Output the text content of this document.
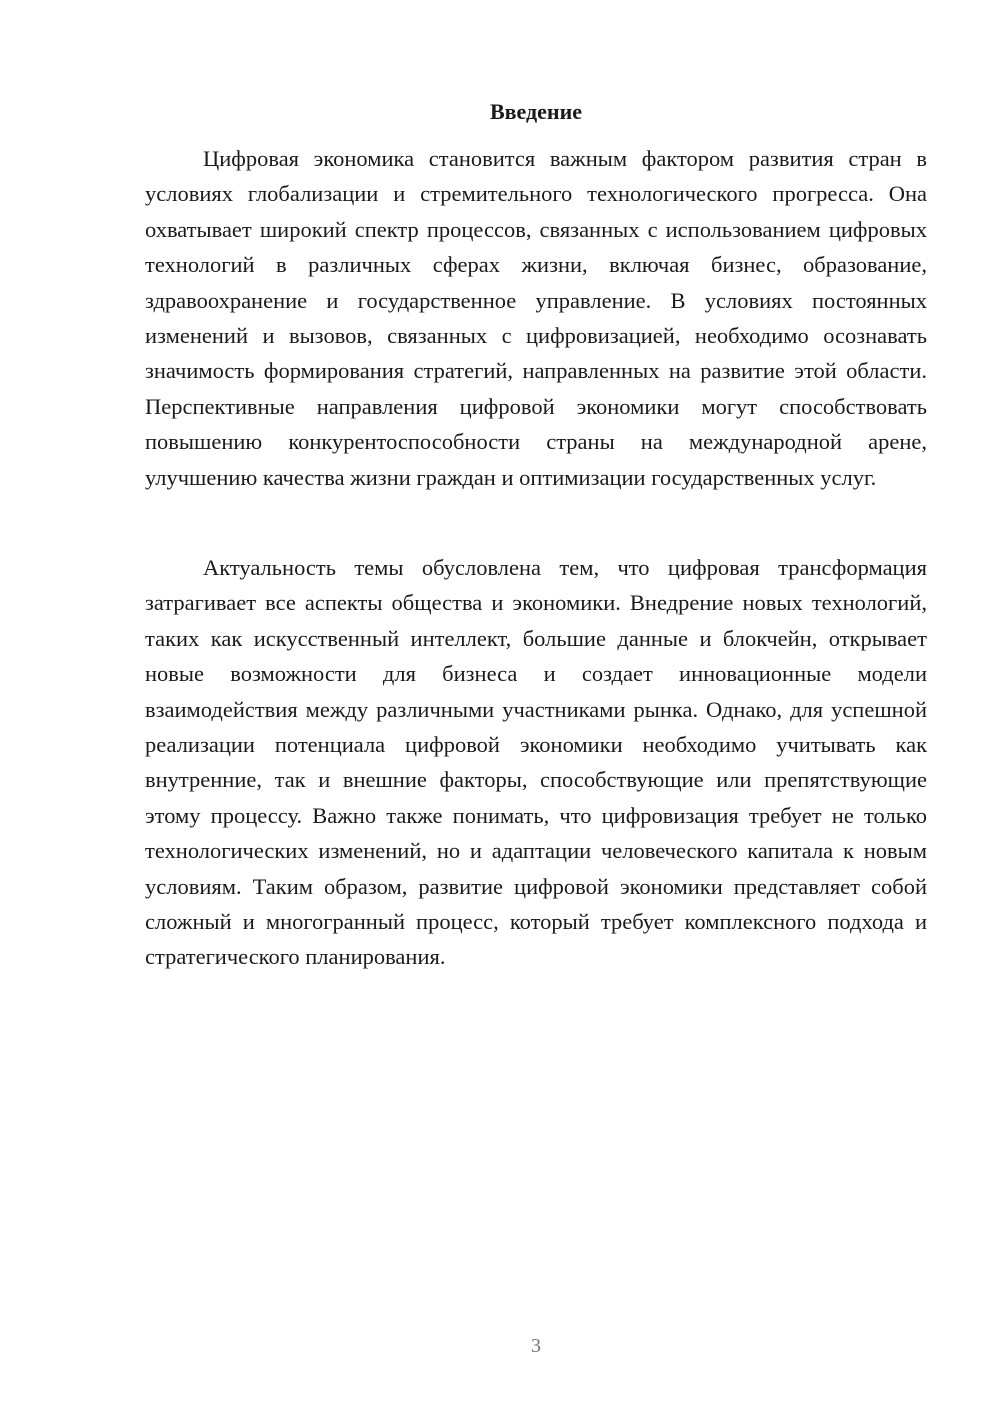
Введение

Цифровая экономика становится важным фактором развития стран в условиях глобализации и стремительного технологического прогресса. Она охватывает широкий спектр процессов, связанных с использованием цифровых технологий в различных сферах жизни, включая бизнес, образование, здравоохранение и государственное управление. В условиях постоянных изменений и вызовов, связанных с цифровизацией, необходимо осознавать значимость формирования стратегий, направленных на развитие этой области. Перспективные направления цифровой экономики могут способствовать повышению конкурентоспособности страны на международной арене, улучшению качества жизни граждан и оптимизации государственных услуг.

Актуальность темы обусловлена тем, что цифровая трансформация затрагивает все аспекты общества и экономики. Внедрение новых технологий, таких как искусственный интеллект, большие данные и блокчейн, открывает новые возможности для бизнеса и создает инновационные модели взаимодействия между различными участниками рынка. Однако, для успешной реализации потенциала цифровой экономики необходимо учитывать как внутренние, так и внешние факторы, способствующие или препятствующие этому процессу. Важно также понимать, что цифровизация требует не только технологических изменений, но и адаптации человеческого капитала к новым условиям. Таким образом, развитие цифровой экономики представляет собой сложный и многогранный процесс, который требует комплексного подхода и стратегического планирования.

3
